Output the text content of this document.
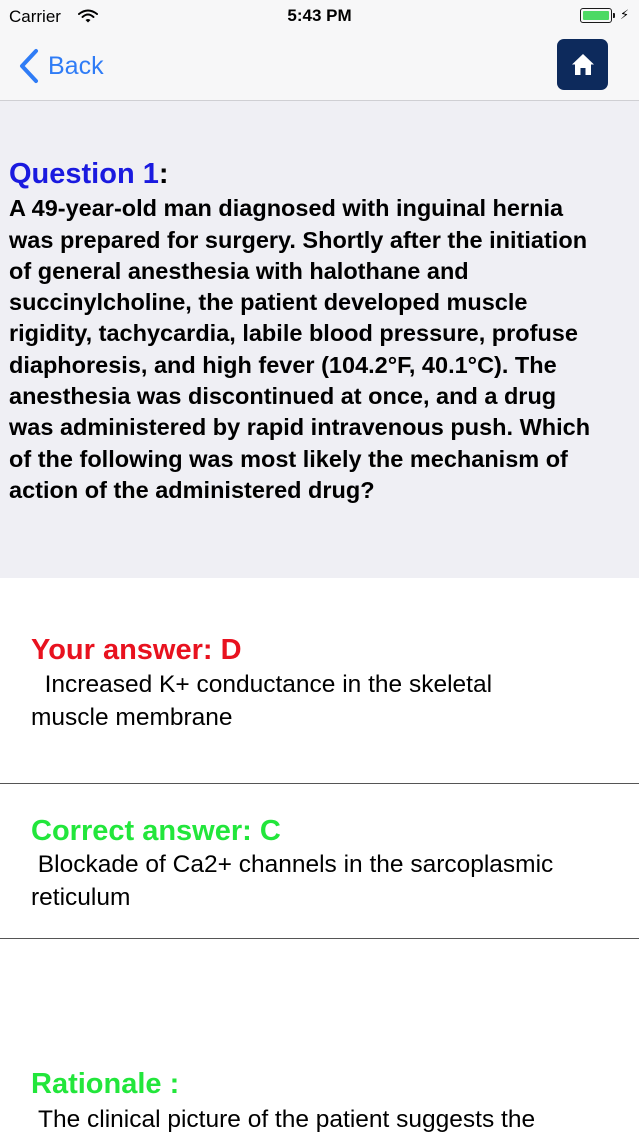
Carrier	5:43 PM	⚡︎
Back
Question 1:
A 49-year-old man diagnosed with inguinal hernia
was prepared for surgery. Shortly after the initiation
of general anesthesia with halothane and
succinylcholine, the patient developed muscle
rigidity, tachycardia, labile blood pressure, profuse
diaphoresis, and high fever (104.2°F, 40.1°C). The
anesthesia was discontinued at once, and a drug
was administered by rapid intravenous push. Which
of the following was most likely the mechanism of
action of the administered drug?
Your answer: D
Increased K+ conductance in the skeletal
muscle membrane
Correct answer: C
Blockade of Ca2+ channels in the sarcoplasmic
reticulum
Rationale :
The clinical picture of the patient suggests the
